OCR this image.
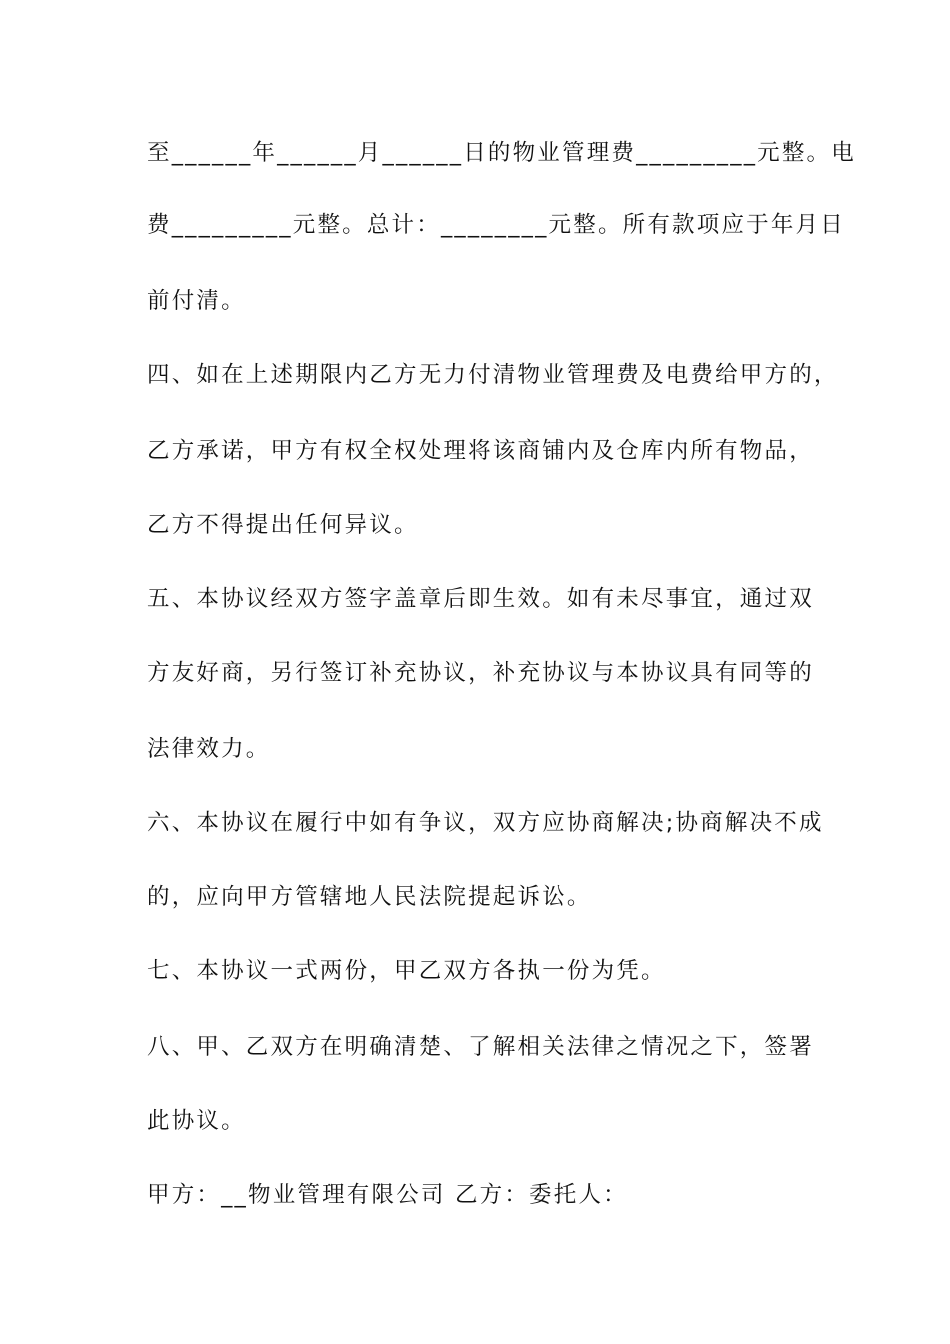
至______年______月______日的物业管理费_________元整。电
费_________元整。总计：________元整。所有款项应于年月日
前付清。
四、如在上述期限内乙方无力付清物业管理费及电费给甲方的，
乙方承诺，甲方有权全权处理将该商铺内及仓库内所有物品，
乙方不得提出任何异议。
五、本协议经双方签字盖章后即生效。如有未尽事宜，通过双
方友好商，另行签订补充协议，补充协议与本协议具有同等的
法律效力。
六、本协议在履行中如有争议，双方应协商解决;协商解决不成
的，应向甲方管辖地人民法院提起诉讼。
七、本协议一式两份，甲乙双方各执一份为凭。
八、甲、乙双方在明确清楚、了解相关法律之情况之下，签署
此协议。
甲方：__物业管理有限公司 乙方：委托人：
